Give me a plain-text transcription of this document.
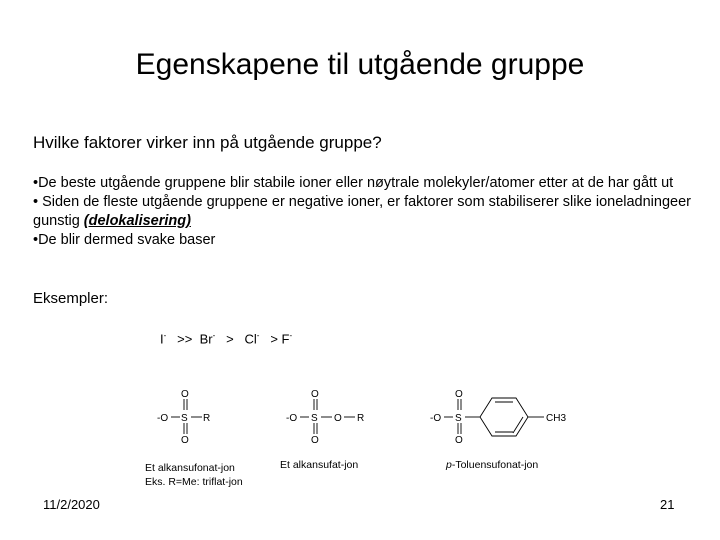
Egenskapene til utgående gruppe
Hvilke faktorer virker inn på utgående gruppe?

•De beste utgående gruppene blir stabile ioner eller nøytrale molekyler/atomer etter at de har gått ut

• Siden de fleste utgående gruppene er negative ioner, er faktorer som stabiliserer slike ioneladningeer gunstig (delokalisering)

•De blir dermed svake baser

Eksempler:
I- >> Br- > Cl- > F-
-O S R
O
O
-O S O R
O
O
-O S
O
O
CH3
Et alkansufonat-jon
Eks. R=Me: triflat-jon
Et alkansufat-jon	p-Toluensufonat-jon
11/2/2020	21
